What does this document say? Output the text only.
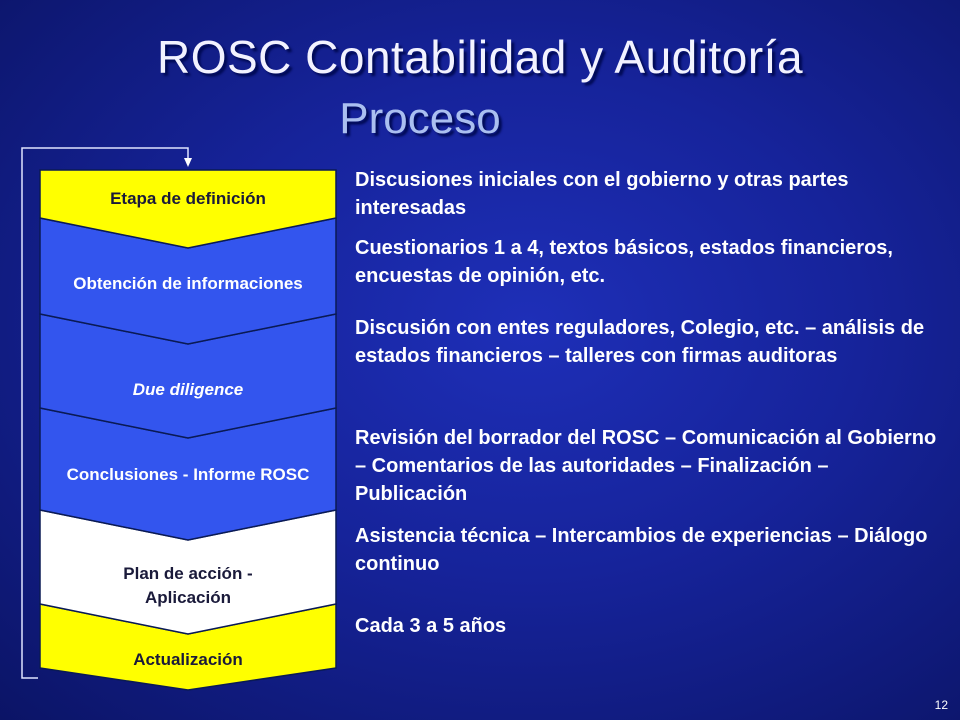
ROSC Contabilidad y Auditoría
Proceso
Etapa de definición
Obtención de informaciones
Due diligence
Conclusiones - Informe ROSC
Plan de acción - Aplicación
Actualización
Discusiones iniciales con el gobierno y otras partes interesadas
Cuestionarios 1 a 4, textos básicos, estados financieros, encuestas de opinión, etc.
Discusión con entes reguladores, Colegio, etc. – análisis de estados financieros – talleres con firmas auditoras
Revisión del borrador del ROSC – Comunicación al Gobierno – Comentarios de las autoridades – Finalización – Publicación
Asistencia técnica – Intercambios de experiencias – Diálogo continuo
Cada 3 a 5 años
12
